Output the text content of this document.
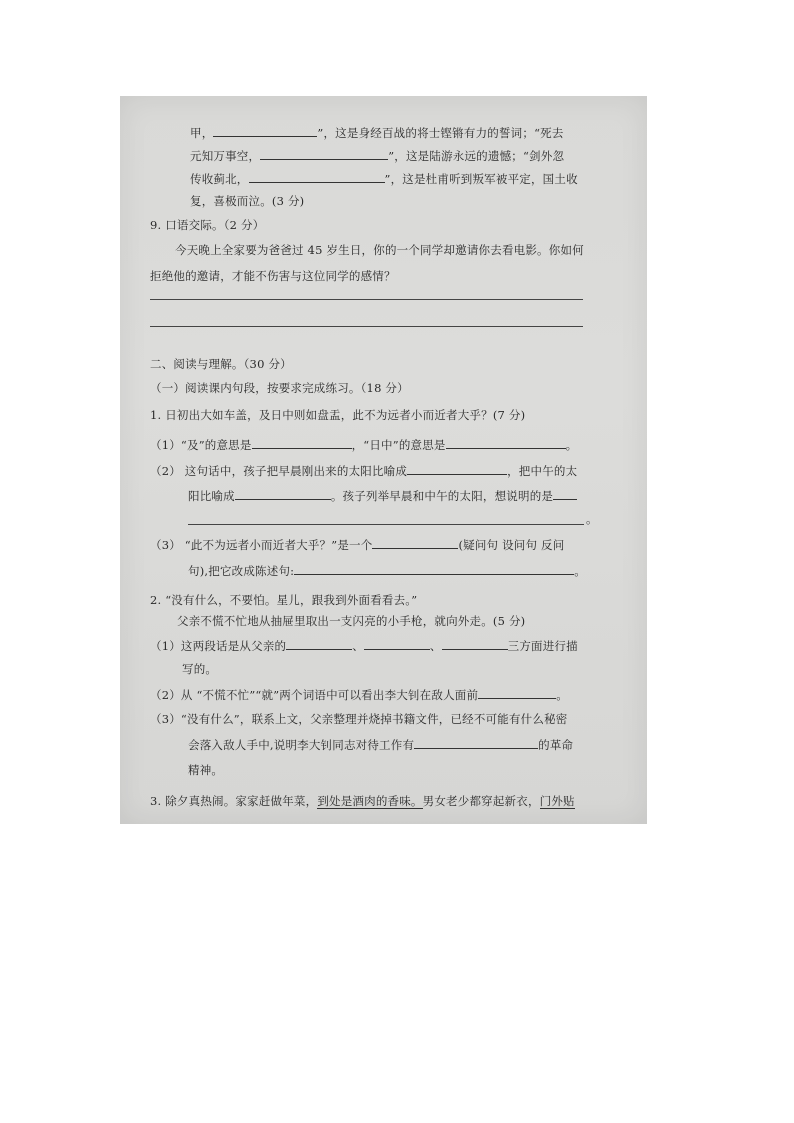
甲，	”，这是身经百战的将士铿锵有力的誓词；“死去
元知万事空，	”，这是陆游永远的遗憾；“剑外忽
传收蓟北，	”，这是杜甫听到叛军被平定，国土收
复，喜极而泣。(3 分)
9. 口语交际。（2 分）
今天晚上全家要为爸爸过 45 岁生日，你的一个同学却邀请你去看电影。你如何
拒绝他的邀请，才能不伤害与这位同学的感情？
二、阅读与理解。（30 分）
（一）阅读课内句段，按要求完成练习。（18 分）
1. 日初出大如车盖，及日中则如盘盂，此不为远者小而近者大乎？(7 分)
（1）“及”的意思是	，“日中”的意思是	。
（2） 这句话中，孩子把早晨刚出来的太阳比喻成	，把中午的太
阳比喻成	。孩子列举早晨和中午的太阳，想说明的是
。
（3） “此不为远者小而近者大乎？”是一个	(疑问句 设问句 反问
句),把它改成陈述句:	。
2. “没有什么，不要怕。星儿，跟我到外面看看去。”
父亲不慌不忙地从抽屉里取出一支闪亮的小手枪，就向外走。(5 分)
（1）这两段话是从父亲的	、	、	三方面进行描
写的。
（2）从 “不慌不忙”“就”两个词语中可以看出李大钊在敌人面前	。
（3）“没有什么”，联系上文，父亲整理并烧掉书籍文件，已经不可能有什么秘密
会落入敌人手中,说明李大钊同志对待工作有	的革命
精神。
3. 除夕真热闹。家家赶做年菜，到处是酒肉的香味。男女老少都穿起新衣，门外贴
